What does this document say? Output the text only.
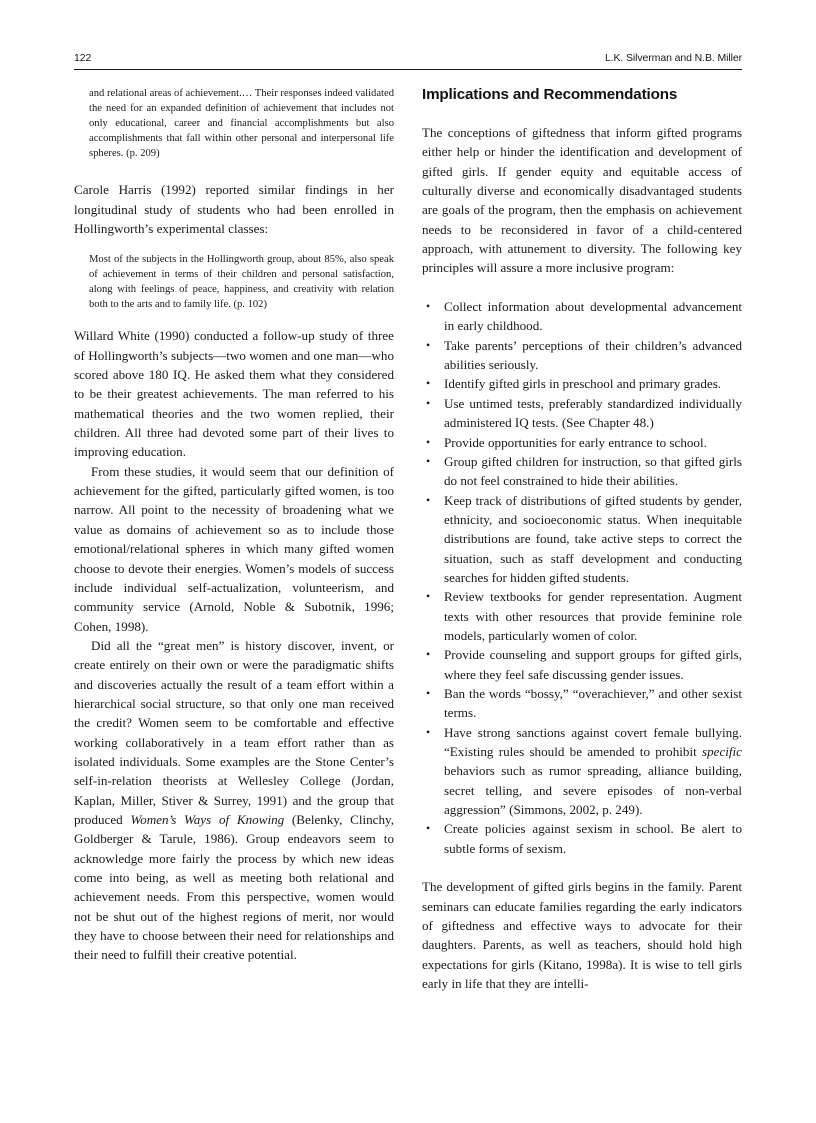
122	L.K. Silverman and N.B. Miller
and relational areas of achievement.… Their responses indeed validated the need for an expanded definition of achievement that includes not only educational, career and financial accomplishments but also accomplishments that fall within other personal and interpersonal life spheres. (p. 209)

Carole Harris (1992) reported similar findings in her longitudinal study of students who had been enrolled in Hollingworth’s experimental classes:

Most of the subjects in the Hollingworth group, about 85%, also speak of achievement in terms of their children and personal satisfaction, along with feelings of peace, happiness, and creativity with relation both to the arts and to family life. (p. 102)

Willard White (1990) conducted a follow-up study of three of Hollingworth’s subjects—two women and one man—who scored above 180 IQ. He asked them what they considered to be their greatest achievements. The man referred to his mathematical theories and the two women replied, their children. All three had devoted some part of their lives to improving education.

From these studies, it would seem that our definition of achievement for the gifted, particularly gifted women, is too narrow. All point to the necessity of broadening what we value as domains of achievement so as to include those emotional/relational spheres in which many gifted women choose to devote their energies. Women’s models of success include individual self-actualization, volunteerism, and community service (Arnold, Noble & Subotnik, 1996; Cohen, 1998).

Did all the “great men” is history discover, invent, or create entirely on their own or were the paradigmatic shifts and discoveries actually the result of a team effort within a hierarchical social structure, so that only one man received the credit? Women seem to be comfortable and effective working collaboratively in a team effort rather than as isolated individuals. Some examples are the Stone Center’s self-in-relation theorists at Wellesley College (Jordan, Kaplan, Miller, Stiver & Surrey, 1991) and the group that produced Women’s Ways of Knowing (Belenky, Clinchy, Goldberger & Tarule, 1986). Group endeavors seem to acknowledge more fairly the process by which new ideas come into being, as well as meeting both relational and achievement needs. From this perspective, women would not be shut out of the highest regions of merit, nor would they have to choose between their need for relationships and their need to fulfill their creative potential.

Implications and Recommendations

The conceptions of giftedness that inform gifted programs either help or hinder the identification and development of gifted girls. If gender equity and equitable access of culturally diverse and economically disadvantaged students are goals of the program, then the emphasis on achievement needs to be reconsidered in favor of a child-centered approach, with attunement to diversity. The following key principles will assure a more inclusive program:

•	Collect information about developmental advancement in early childhood.
•	Take parents’ perceptions of their children’s advanced abilities seriously.
•	Identify gifted girls in preschool and primary grades.
•	Use untimed tests, preferably standardized individually administered IQ tests. (See Chapter 48.)
•	Provide opportunities for early entrance to school.
•	Group gifted children for instruction, so that gifted girls do not feel constrained to hide their abilities.
•	Keep track of distributions of gifted students by gender, ethnicity, and socioeconomic status. When inequitable distributions are found, take active steps to correct the situation, such as staff development and conducting searches for hidden gifted students.
•	Review textbooks for gender representation. Augment texts with other resources that provide feminine role models, particularly women of color.
•	Provide counseling and support groups for gifted girls, where they feel safe discussing gender issues.
•	Ban the words “bossy,” “overachiever,” and other sexist terms.
•	Have strong sanctions against covert female bullying. “Existing rules should be amended to prohibit specific behaviors such as rumor spreading, alliance building, secret telling, and severe episodes of non-verbal aggression” (Simmons, 2002, p. 249).
•	Create policies against sexism in school. Be alert to subtle forms of sexism.

The development of gifted girls begins in the family. Parent seminars can educate families regarding the early indicators of giftedness and effective ways to advocate for their daughters. Parents, as well as teachers, should hold high expectations for girls (Kitano, 1998a). It is wise to tell girls early in life that they are intelli-
